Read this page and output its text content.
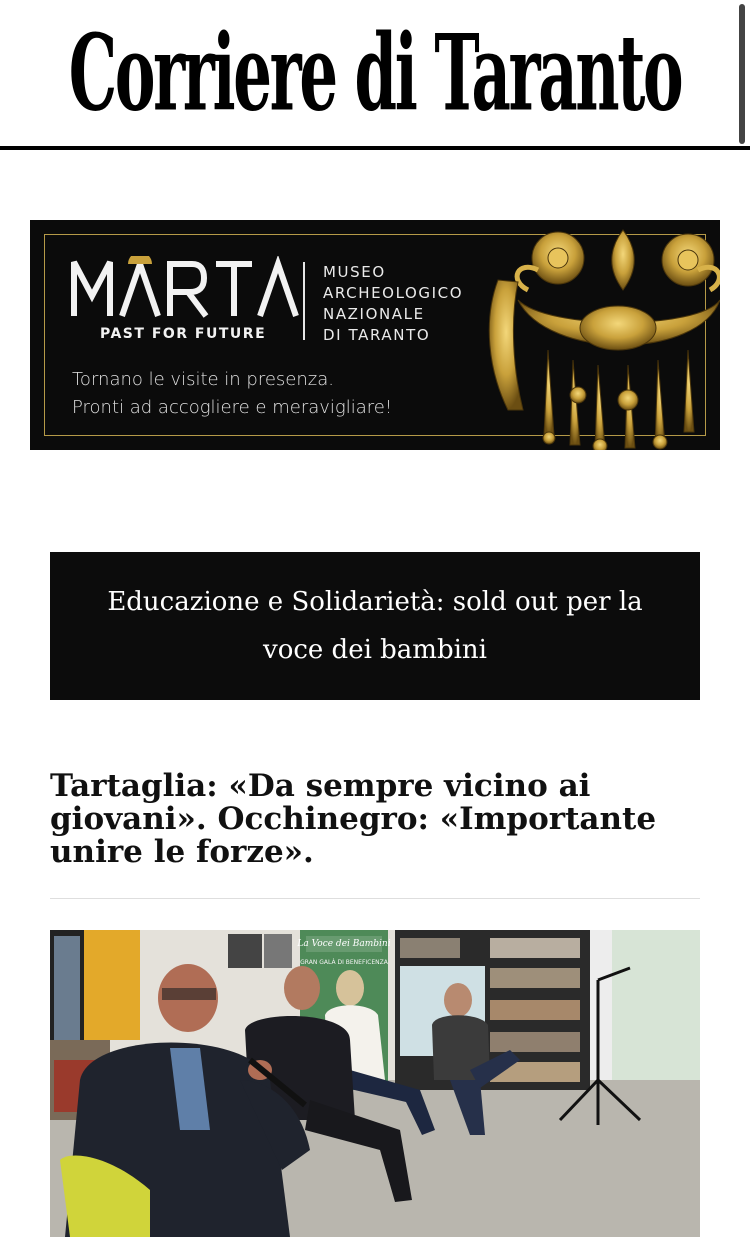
Corriere di Taranto
PAST FOR FUTURE
MUSEO
ARCHEOLOGICO
NAZIONALE
DI TARANTO
Tornano le visite in presenza.
Pronti ad accogliere e meravigliare!
Educazione e Solidarietà: sold out per la voce dei bambini
Tartaglia: «Da sempre vicino ai giovani». Occhinegro: «Importante unire le forze».
La Voce dei Bambini
GRAN GALÀ DI BENEFICENZA
